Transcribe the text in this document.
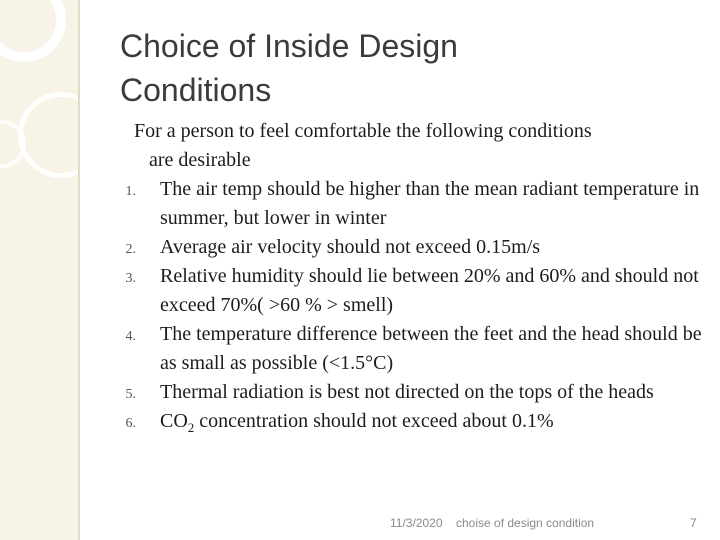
Choice of Inside Design
Conditions

For a person to feel comfortable the following conditions
are desirable

1. The air temp should be higher than the mean radiant temperature in summer, but lower in winter
2. Average air velocity should not exceed 0.15m/s
3. Relative humidity should lie between 20% and 60% and should not exceed 70%( >60 % > smell)
4. The temperature difference between the feet and the head should be as small as possible (<1.5°C)
5. Thermal radiation is best not directed on the tops of the heads
6. $CO_2$ concentration should not exceed about 0.1%
11/3/2020 choise of design condition	7
